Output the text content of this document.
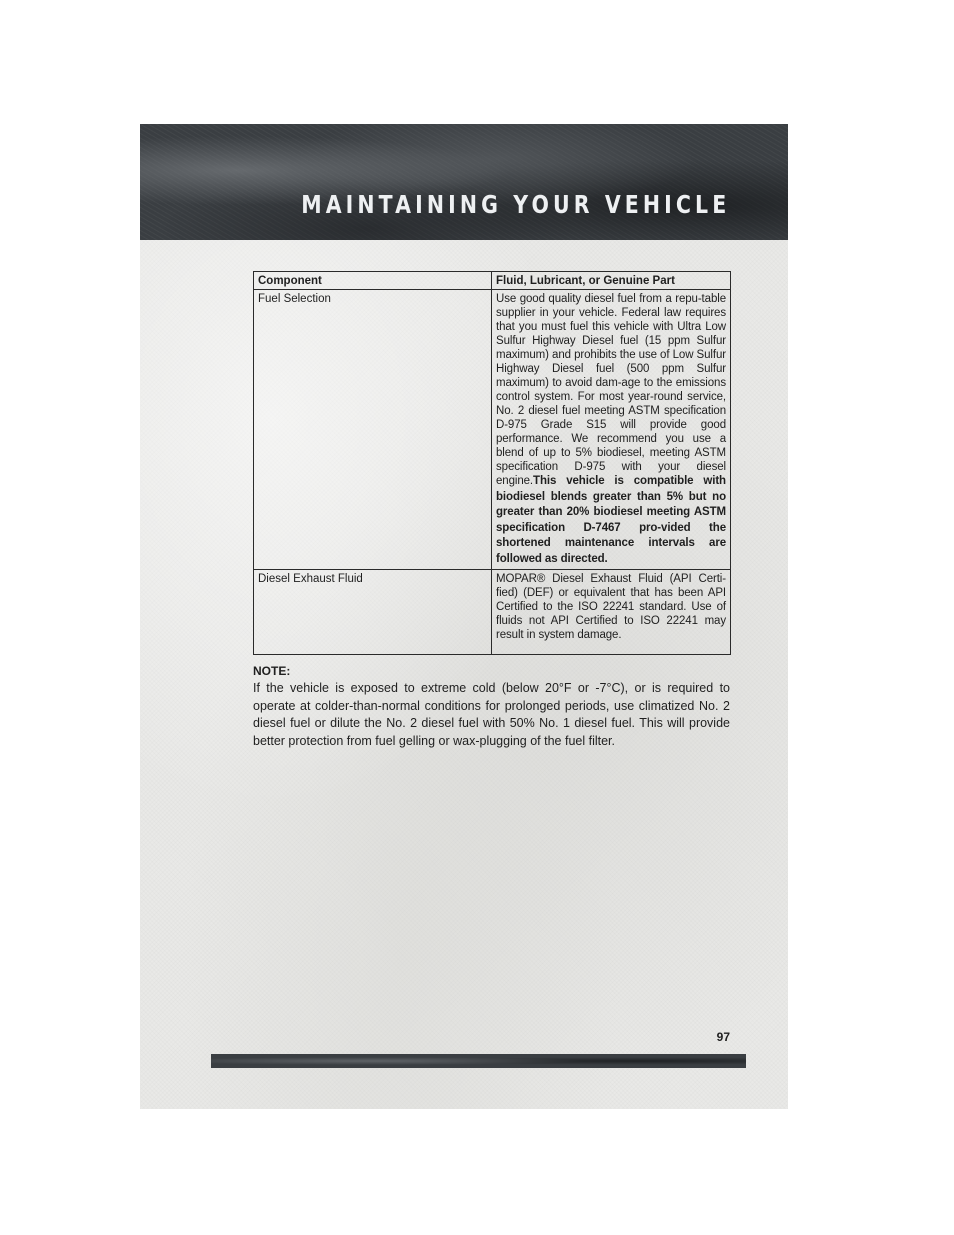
MAINTAINING YOUR VEHICLE
Component	Fluid, Lubricant, or Genuine Part
Fuel Selection	Use good quality diesel fuel from a repu-table supplier in your vehicle. Federal law requires that you must fuel this vehicle with Ultra Low Sulfur Highway Diesel fuel (15 ppm Sulfur maximum) and prohibits the use of Low Sulfur Highway Diesel fuel (500 ppm Sulfur maximum) to avoid dam-age to the emissions control system. For most year-round service, No. 2 diesel fuel meeting ASTM specification D-975 Grade S15 will provide good performance. We recommend you use a blend of up to 5% biodiesel, meeting ASTM specification D-975 with your diesel engine.This vehicle is compatible with biodiesel blends greater than 5% but no greater than 20% biodiesel meeting ASTM specification D-7467 pro-vided the shortened maintenance intervals are followed as directed.
Diesel Exhaust Fluid	MOPAR® Diesel Exhaust Fluid (API Certi-fied) (DEF) or equivalent that has been API Certified to the ISO 22241 standard. Use of fluids not API Certified to ISO 22241 may result in system damage.

NOTE:

If the vehicle is exposed to extreme cold (below 20°F or -7°C), or is required to operate at colder-than-normal conditions for prolonged periods, use climatized No. 2 diesel fuel or dilute the No. 2 diesel fuel with 50% No. 1 diesel fuel. This will provide better protection from fuel gelling or wax-plugging of the fuel filter.

97
